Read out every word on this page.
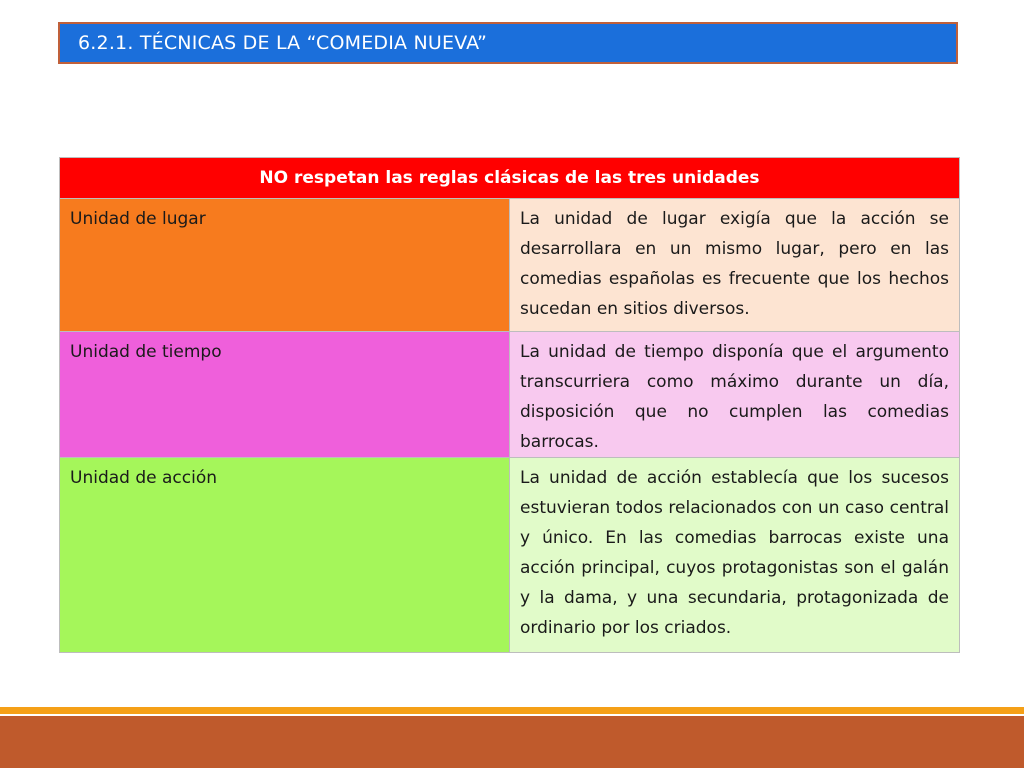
6.2.1. TÉCNICAS DE LA “COMEDIA NUEVA”
NO respetan las reglas clásicas de las tres unidades	
Unidad de lugar	La unidad de lugar exigía que la acción se desarrollara en un mismo lugar, pero en las comedias españolas es frecuente que los hechos sucedan en sitios diversos.
Unidad de tiempo	La unidad de tiempo disponía que el argumento transcurriera como máximo durante un día, disposición que no cumplen las comedias barrocas.
Unidad de acción	La unidad de acción establecía que los sucesos estuvieran todos relacionados con un caso central y único. En las comedias barrocas existe una acción principal, cuyos protagonistas son el galán y la dama, y una secundaria, protagonizada de ordinario por los criados.
